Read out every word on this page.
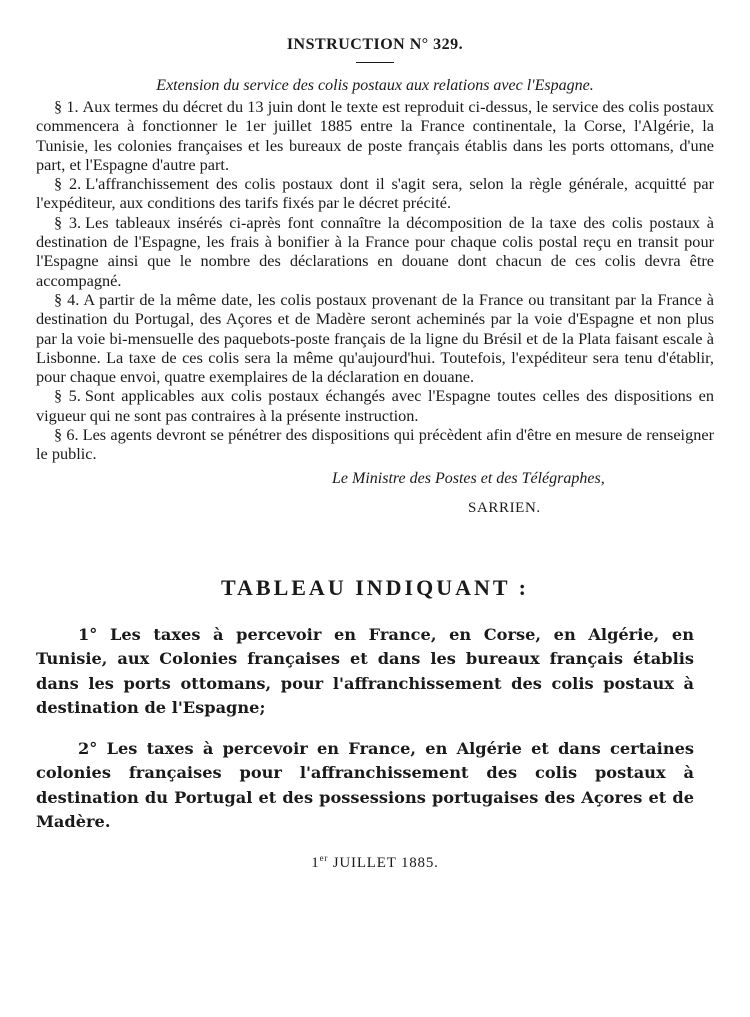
INSTRUCTION N° 329.

Extension du service des colis postaux aux relations avec l'Espagne.

§ 1. Aux termes du décret du 13 juin dont le texte est reproduit ci-dessus, le service des colis postaux commencera à fonctionner le 1er juillet 1885 entre la France continentale, la Corse, l'Algérie, la Tunisie, les colonies françaises et les bureaux de poste français établis dans les ports ottomans, d'une part, et l'Espagne d'autre part.

§ 2. L'affranchissement des colis postaux dont il s'agit sera, selon la règle générale, acquitté par l'expéditeur, aux conditions des tarifs fixés par le décret précité.

§ 3. Les tableaux insérés ci-après font connaître la décomposition de la taxe des colis postaux à destination de l'Espagne, les frais à bonifier à la France pour chaque colis postal reçu en transit pour l'Espagne ainsi que le nombre des déclarations en douane dont chacun de ces colis devra être accompagné.

§ 4. A partir de la même date, les colis postaux provenant de la France ou transitant par la France à destination du Portugal, des Açores et de Madère seront acheminés par la voie d'Espagne et non plus par la voie bi-mensuelle des paquebots-poste français de la ligne du Brésil et de la Plata faisant escale à Lisbonne. La taxe de ces colis sera la même qu'aujourd'hui. Toutefois, l'expéditeur sera tenu d'établir, pour chaque envoi, quatre exemplaires de la déclaration en douane.

§ 5. Sont applicables aux colis postaux échangés avec l'Espagne toutes celles des dispositions en vigueur qui ne sont pas contraires à la présente instruction.

§ 6. Les agents devront se pénétrer des dispositions qui précèdent afin d'être en mesure de renseigner le public.

Le Ministre des Postes et des Télégraphes,

SARRIEN.

TABLEAU INDIQUANT :

1° Les taxes à percevoir en France, en Corse, en Algérie, en Tunisie, aux Colonies françaises et dans les bureaux français établis dans les ports ottomans, pour l'affranchissement des colis postaux à destination de l'Espagne;

2° Les taxes à percevoir en France, en Algérie et dans certaines colonies françaises pour l'affranchissement des colis postaux à destination du Portugal et des possessions portugaises des Açores et de Madère.

1er JUILLET 1885.
